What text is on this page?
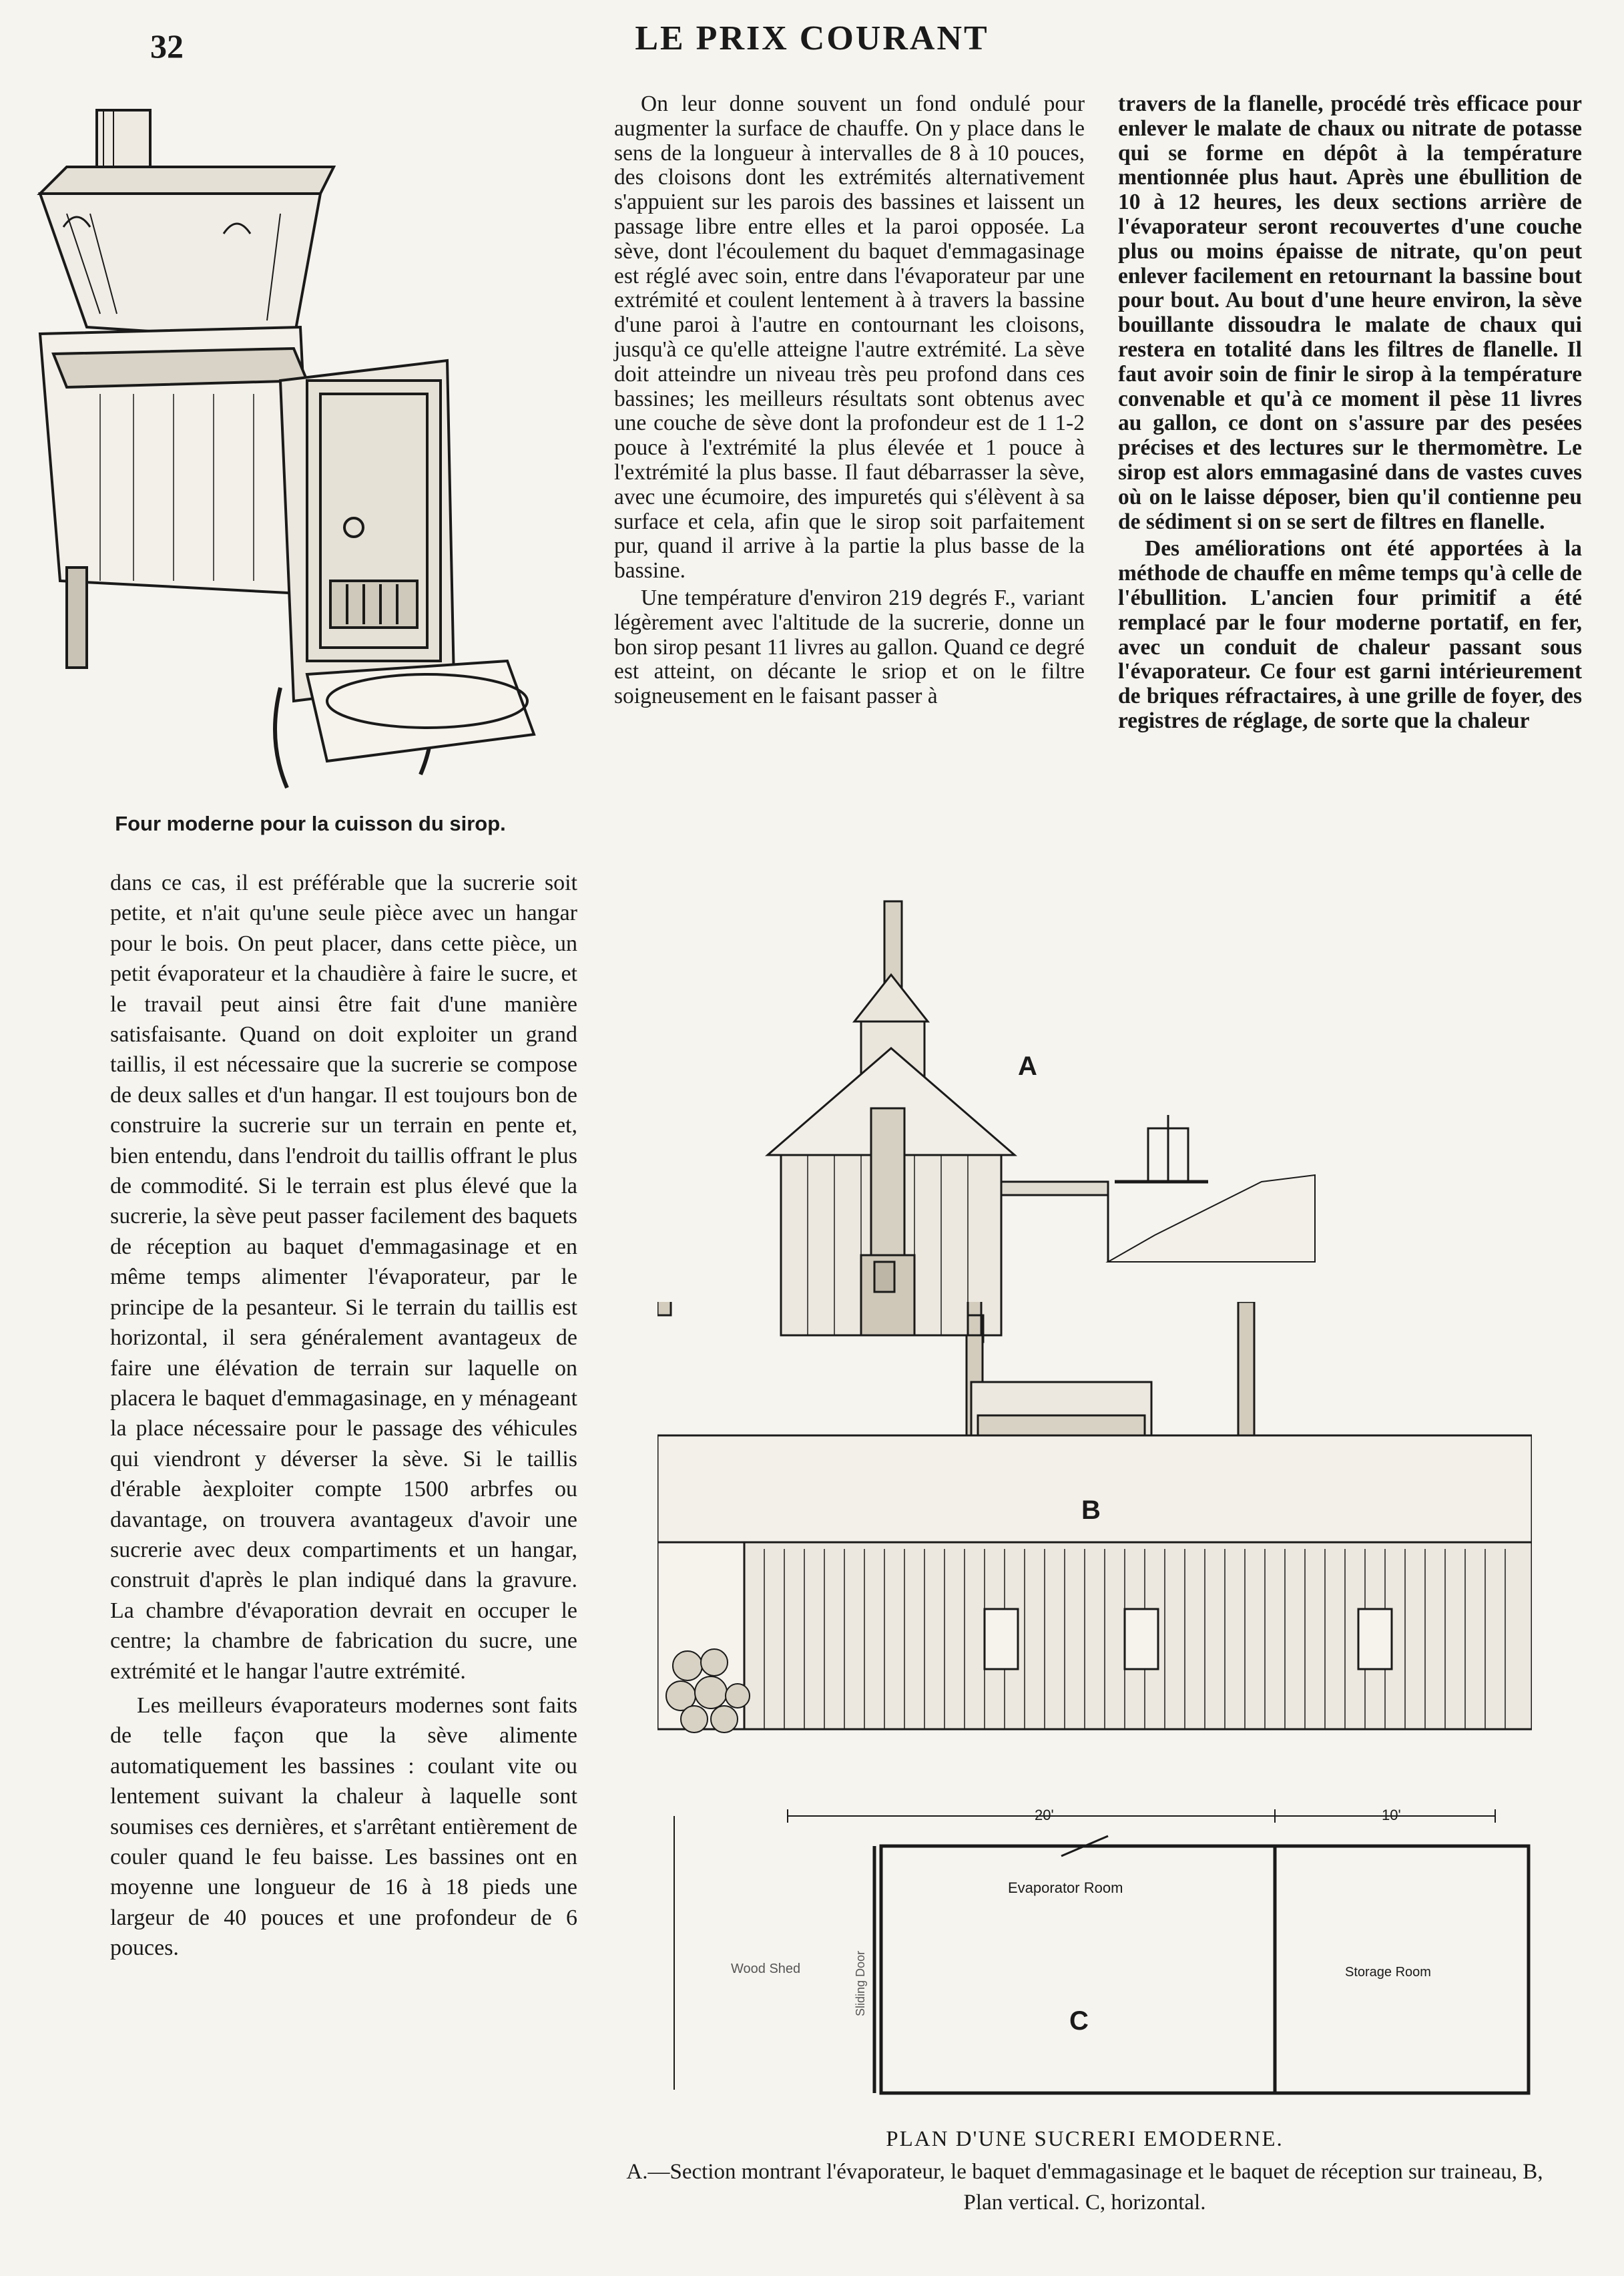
32	LE PRIX COURANT
Four moderne pour la cuisson du sirop.

On leur donne souvent un fond ondulé pour augmenter la surface de chauffe. On y place dans le sens de la longueur à intervalles de 8 à 10 pouces, des cloisons dont les extrémités alternativement s'appuient sur les parois des bassines et laissent un passage libre entre elles et la paroi opposée. La sève, dont l'écoulement du baquet d'emmagasinage est réglé avec soin, entre dans l'évaporateur par une extrémité et coulent lentement à à travers la bassine d'une paroi à l'autre en contournant les cloisons, jusqu'à ce qu'elle atteigne l'autre extrémité. La sève doit atteindre un niveau très peu profond dans ces bassines; les meilleurs résultats sont obtenus avec une couche de sève dont la profondeur est de 1 1-2 pouce à l'extrémité la plus élevée et 1 pouce à l'extrémité la plus basse. Il faut débarrasser la sève, avec une écumoire, des impuretés qui s'élèvent à sa surface et cela, afin que le sirop soit parfaitement pur, quand il arrive à la partie la plus basse de la bassine.

Une température d'environ 219 degrés F., variant légèrement avec l'altitude de la sucrerie, donne un bon sirop pesant 11 livres au gallon. Quand ce degré est atteint, on décante le sriop et on le filtre soigneusement en le faisant passer à

travers de la flanelle, procédé très efficace pour enlever le malate de chaux ou nitrate de potasse qui se forme en dépôt à la température mentionnée plus haut. Après une ébullition de 10 à 12 heures, les deux sections arrière de l'évaporateur seront recouvertes d'une couche plus ou moins épaisse de nitrate, qu'on peut enlever facilement en retournant la bassine bout pour bout. Au bout d'une heure environ, la sève bouillante dissoudra le malate de chaux qui restera en totalité dans les filtres de flanelle. Il faut avoir soin de finir le sirop à la température convenable et qu'à ce moment il pèse 11 livres au gallon, ce dont on s'assure par des pesées précises et des lectures sur le thermomètre. Le sirop est alors emmagasiné dans de vastes cuves où on le laisse déposer, bien qu'il contienne peu de sédiment si on se sert de filtres en flanelle.

Des améliorations ont été apportées à la méthode de chauffe en même temps qu'à celle de l'ébullition. L'ancien four primitif a été remplacé par le four moderne portatif, en fer, avec un conduit de chaleur passant sous l'évaporateur. Ce four est garni intérieurement de briques réfractaires, à une grille de foyer, des registres de réglage, de sorte que la chaleur

dans ce cas, il est préférable que la sucrerie soit petite, et n'ait qu'une seule pièce avec un hangar pour le bois. On peut placer, dans cette pièce, un petit évaporateur et la chaudière à faire le sucre, et le travail peut ainsi être fait d'une manière satisfaisante. Quand on doit exploiter un grand taillis, il est nécessaire que la sucrerie se compose de deux salles et d'un hangar. Il est toujours bon de construire la sucrerie sur un terrain en pente et, bien entendu, dans l'endroit du taillis offrant le plus de commodité. Si le terrain est plus élevé que la sucrerie, la sève peut passer facilement des baquets de réception au baquet d'emmagasinage et en même temps alimenter l'évaporateur, par le principe de la pesanteur. Si le terrain du taillis est horizontal, il sera généralement avantageux de faire une élévation de terrain sur laquelle on placera le baquet d'emmagasinage, en y ménageant la place nécessaire pour le passage des véhicules qui viendront y déverser la sève. Si le taillis d'érable àexploiter compte 1500 arbrfes ou davantage, on trouvera avantageux d'avoir une sucrerie avec deux compartiments et un hangar, construit d'après le plan indiqué dans la gravure. La chambre d'évaporation devrait en occuper le centre; la chambre de fabrication du sucre, une extrémité et le hangar l'autre extrémité.

Les meilleurs évaporateurs modernes sont faits de telle façon que la sève alimente automatiquement les bassines : coulant vite ou lentement suivant la chaleur à laquelle sont soumises ces dernières, et s'arrêtant entièrement de couler quand le feu baisse. Les bassines ont en moyenne une longueur de 16 à 18 pieds une largeur de 40 pouces et une profondeur de 6 pouces.

A
B
20'	10'
Evaporator Room
Wood Shed	Storage Room
Sliding Door
C
PLAN D'UNE SUCRERI EMODERNE.
A.—Section montrant l'évaporateur, le baquet d'emmagasinage et le baquet de réception sur traineau, B, Plan vertical. C, horizontal.
